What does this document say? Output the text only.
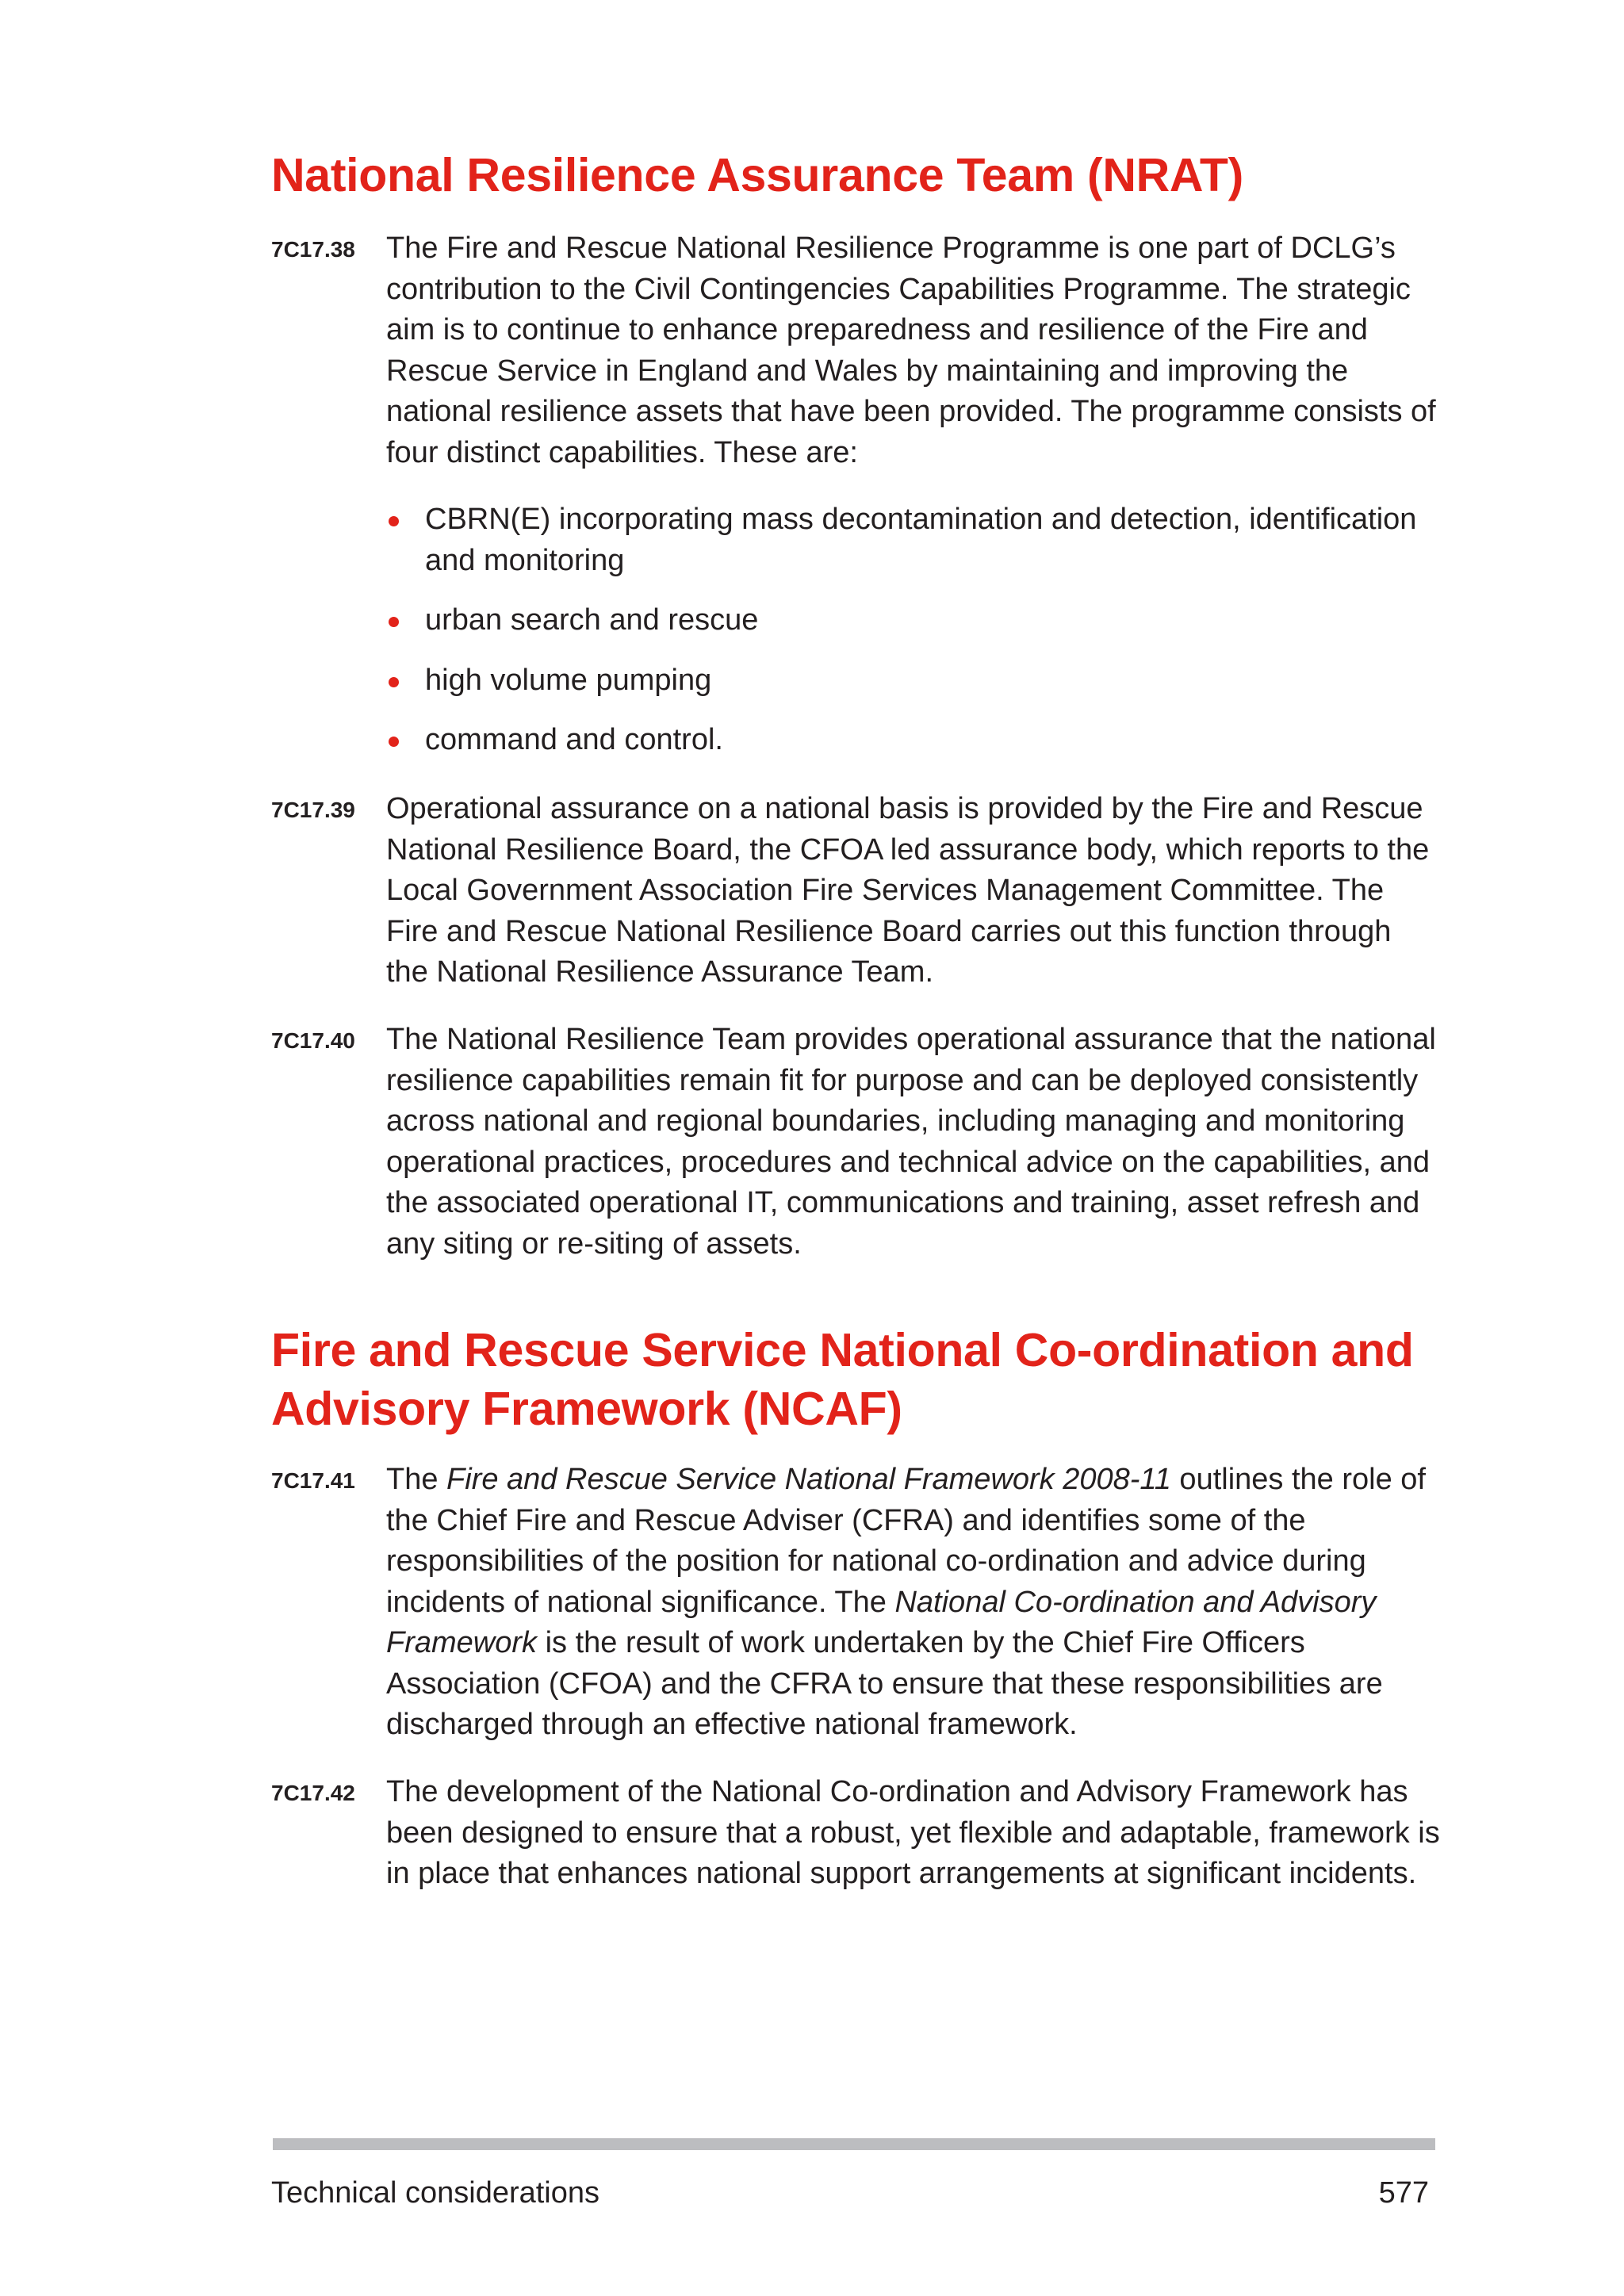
National Resilience Assurance Team (NRAT)
7C17.38 The Fire and Rescue National Resilience Programme is one part of DCLG’s contribution to the Civil Contingencies Capabilities Programme. The strategic aim is to continue to enhance preparedness and resilience of the Fire and Rescue Service in England and Wales by maintaining and improving the national resilience assets that have been provided. The programme consists of four distinct capabilities. These are:
CBRN(E) incorporating mass decontamination and detection, identification and monitoring
urban search and rescue
high volume pumping
command and control.
7C17.39 Operational assurance on a national basis is provided by the Fire and Rescue National Resilience Board, the CFOA led assurance body, which reports to the Local Government Association Fire Services Management Committee. The Fire and Rescue National Resilience Board carries out this function through the National Resilience Assurance Team.
7C17.40 The National Resilience Team provides operational assurance that the national resilience capabilities remain fit for purpose and can be deployed consistently across national and regional boundaries, including managing and monitoring operational practices, procedures and technical advice on the capabilities, and the associated operational IT, communications and training, asset refresh and any siting or re-siting of assets.
Fire and Rescue Service National Co-ordination and Advisory Framework (NCAF)
7C17.41 The Fire and Rescue Service National Framework 2008-11 outlines the role of the Chief Fire and Rescue Adviser (CFRA) and identifies some of the responsibilities of the position for national co-ordination and advice during incidents of national significance. The National Co-ordination and Advisory Framework is the result of work undertaken by the Chief Fire Officers Association (CFOA) and the CFRA to ensure that these responsibilities are discharged through an effective national framework.
7C17.42 The development of the National Co-ordination and Advisory Framework has been designed to ensure that a robust, yet flexible and adaptable, framework is in place that enhances national support arrangements at significant incidents.
Technical considerations	577
